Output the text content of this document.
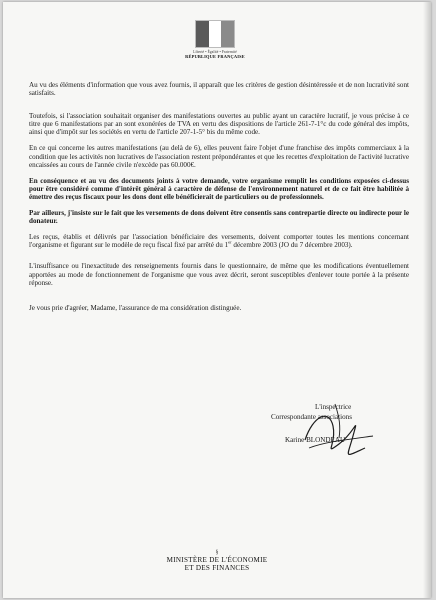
Liberté • Égalité • Fraternité
RÉPUBLIQUE FRANÇAISE

Au vu des éléments d'information que vous avez fournis, il apparaît que les critères de gestion désintéressée et de non lucrativité sont satisfaits.

Toutefois, si l'association souhaitait organiser des manifestations ouvertes au public ayant un caractère lucratif, je vous précise à ce titre que 6 manifestations par an sont exonérées de TVA en vertu des dispositions de l'article 261-7-1°c du code général des impôts, ainsi que d'impôt sur les sociétés en vertu de l'article 207-1-5° bis du même code.

En ce qui concerne les autres manifestations (au delà de 6), elles peuvent faire l'objet d'une franchise des impôts commerciaux à la condition que les activités non lucratives de l'association restent prépondérantes et que les recettes d'exploitation de l'activité lucrative encaissées au cours de l'année civile n'excède pas 60.000€.

En conséquence et au vu des documents joints à votre demande, votre organisme remplit les conditions exposées ci-dessus pour être considéré comme d'intérêt général à caractère de défense de l'environnement naturel et de ce fait être habilitée à émettre des reçus fiscaux pour les dons dont elle bénéficierait de particuliers ou de professionnels.

Par ailleurs, j'insiste sur le fait que les versements de dons doivent être consentis sans contrepartie directe ou indirecte pour le donateur.

Les reçus, établis et délivrés par l'association bénéficiaire des versements, doivent comporter toutes les mentions concernant l'organisme et figurant sur le modèle de reçu fiscal fixé par arrêté du 1er décembre 2003 (JO du 7 décembre 2003).

L'insuffisance ou l'inexactitude des renseignements fournis dans le questionnaire, de même que les modifications éventuellement apportées au mode de fonctionnement de l'organisme que vous avez décrit, seront susceptibles d'enlever toute portée à la présente réponse.

Je vous prie d'agréer, Madame, l'assurance de ma considération distinguée.

L'inspectrice
Correspondante associations
Karine BLONDEAU
§
MINISTÈRE DE L'ÉCONOMIE
ET DES FINANCES
